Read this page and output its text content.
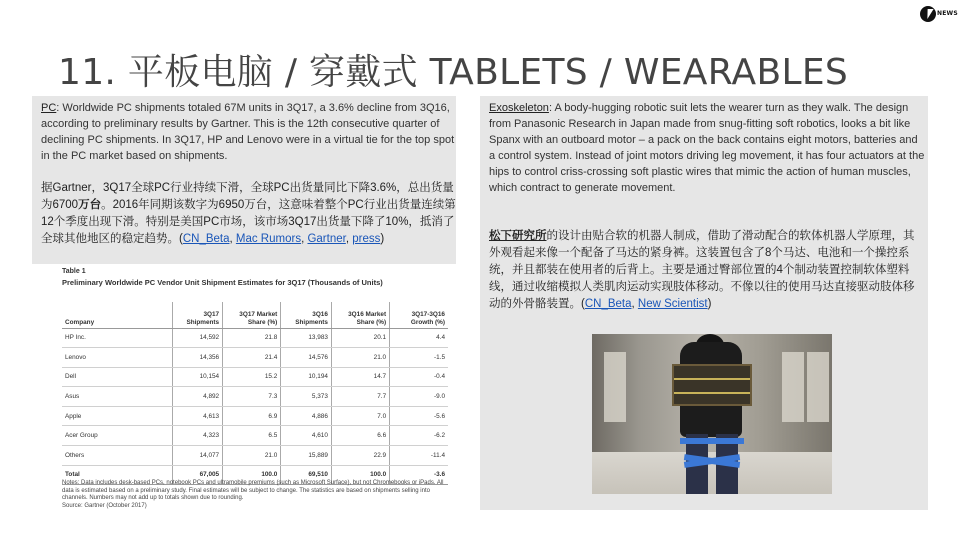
NEWS
11. 平板电脑 / 穿戴式 TABLETS / WEARABLES
PC: Worldwide PC shipments totaled 67M units in 3Q17, a 3.6% decline from 3Q16, according to preliminary results by Gartner. This is the 12th consecutive quarter of declining PC shipments. In 3Q17, HP and Lenovo were in a virtual tie for the top spot in the PC market based on shipments.
据Gartner，3Q17全球PC行业持续下滑，全球PC出货量同比下降3.6%，总出货量为6700万台。2016年同期该数字为6950万台，这意味着整个PC行业出货量连续第12个季度出现下滑。特别是美国PC市场，该市场3Q17出货量下降了10%，抵消了全球其他地区的稳定趋势。(CN_Beta, Mac Rumors, Gartner, press)
Table 1
Preliminary Worldwide PC Vendor Unit Shipment Estimates for 3Q17 (Thousands of Units)
Company	3Q17 Shipments	3Q17 Market Share (%)	3Q16 Shipments	3Q16 Market Share (%)	3Q17-3Q16 Growth (%)
HP Inc.	14,592	21.8	13,983	20.1	4.4
Lenovo	14,356	21.4	14,576	21.0	-1.5
Dell	10,154	15.2	10,194	14.7	-0.4
Asus	4,892	7.3	5,373	7.7	-9.0
Apple	4,613	6.9	4,886	7.0	-5.6
Acer Group	4,323	6.5	4,610	6.6	-6.2
Others	14,077	21.0	15,889	22.9	-11.4
Total	67,005	100.0	69,510	100.0	-3.6
Notes: Data includes desk-based PCs, notebook PCs and ultramobile premiums (such as Microsoft Surface), but not Chromebooks or iPads. All data is estimated based on a preliminary study. Final estimates will be subject to change. The statistics are based on shipments selling into channels. Numbers may not add up to totals shown due to rounding.
Source: Gartner (October 2017)
Exoskeleton: A body-hugging robotic suit lets the wearer turn as they walk. The design from Panasonic Research in Japan made from snug-fitting soft robotics, looks a bit like Spanx with an outboard motor – a pack on the back contains eight motors, batteries and a control system. Instead of joint motors driving leg movement, it has four actuators at the hips to control criss-crossing soft plastic wires that mimic the action of human muscles, which contract to generate movement.
松下研究所的设计由贴合软的机器人制成，借助了滑动配合的软体机器人学原理，其外观看起来像一个配备了马达的紧身裤。这装置包含了8个马达、电池和一个操控系统，并且都装在使用者的后背上。主要是通过臀部位置的4个制动装置控制软体塑料线，通过收缩模拟人类肌肉运动实现肢体移动。不像以往的使用马达直接驱动肢体移动的外骨骼装置。(CN_Beta, New Scientist)
